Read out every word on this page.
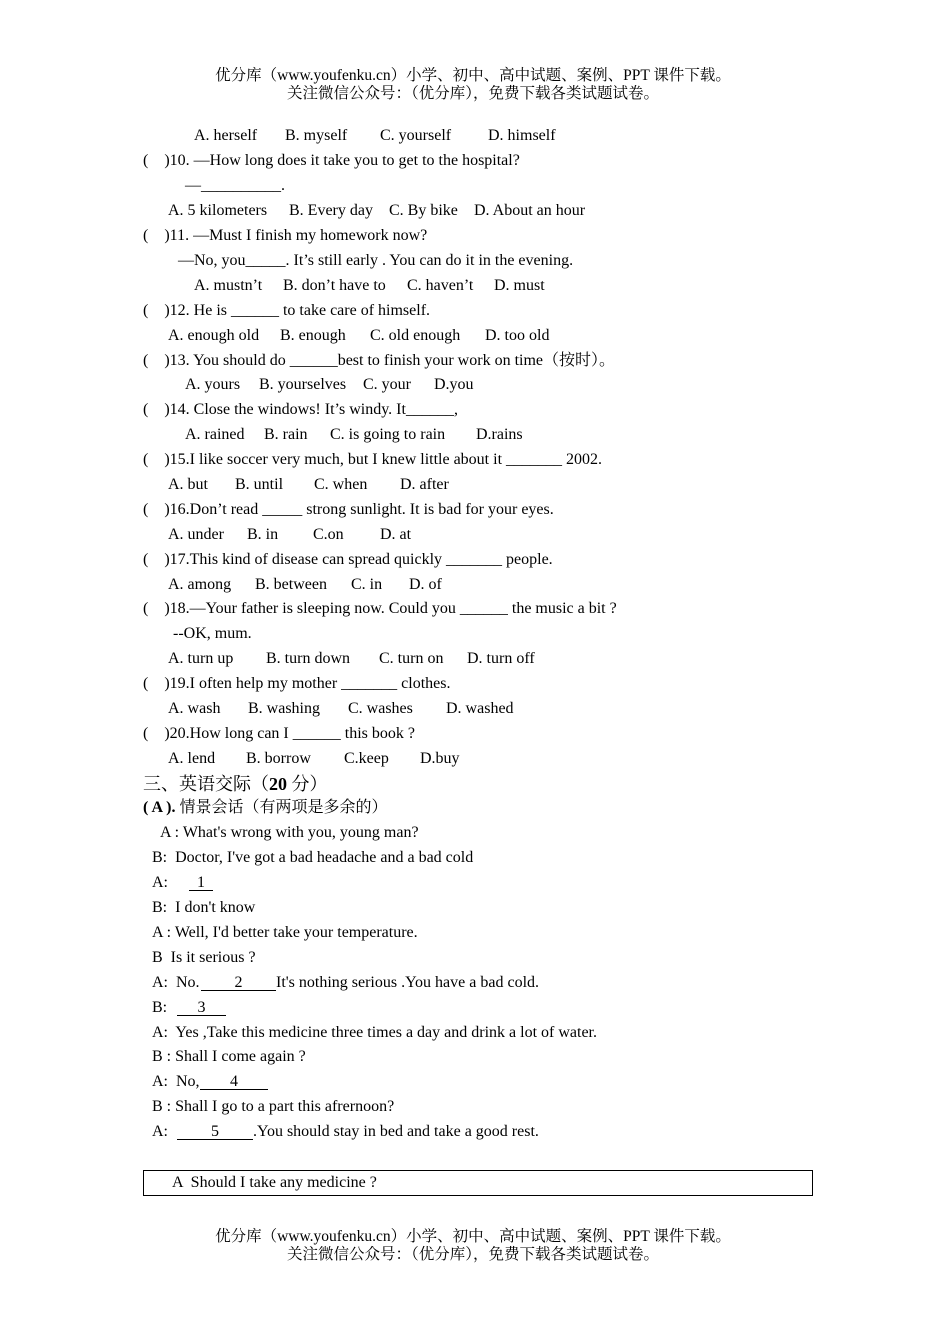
优分库（www.youfenku.cn）小学、初中、高中试题、案例、PPT 课件下载。
关注微信公众号：（优分库），免费下载各类试题试卷。

A. herself

B. myself

C. yourself

D. himself

(    )10. —How long does it take you to get to the hospital?
—__________.

A. 5 kilometers

B. Every day

C. By bike

D. About an hour

(    )11. —Must I finish my homework now?
—No, you_____. It’s still early . You can do it in the evening.

A. mustn’t

B. don’t have to

C. haven’t

D. must

(    )12. He is ______ to take care of himself.

A. enough old

B. enough

C. old enough

D. too old

(    )13. You should do ______best to finish your work on time（按时）。

A. yours

B. yourselves

C. your

D.you

(    )14. Close the windows! It’s windy. It______,

A. rained

B. rain

C. is going to rain

D.rains

(    )15.I like soccer very much, but I knew little about it _______ 2002.

A. but

B. until

C. when

D. after

(    )16.Don’t read _____ strong sunlight. It is bad for your eyes.

A. under

B. in

C.on

D. at

(    )17.This kind of disease can spread quickly _______ people.

A. among

B. between

C. in

D. of

(    )18.—Your father is sleeping now. Could you ______ the music a bit ?
--OK, mum.

A. turn up

B. turn down

C. turn on

D. turn off

(    )19.I often help my mother _______ clothes.

A. wash

B. washing

C. washes

D. washed

(    )20.How long can I ______ this book ?

A. lend

B. borrow

C.keep

D.buy

三、英语交际（20 分）
( A ). 情景会话（有两项是多余的）
A : What's wrong with you, young man?
B:  Doctor, I've got a bad headache and a bad cold

A:

	1

B:  I don't know
A : Well, I'd better take your temperature.
B  Is it serious ?

A:

No.

	2

	It's nothing serious .You have a bad cold.

B:

	3

A:  Yes ,Take this medicine three times a day and drink a lot of water.
B : Shall I come again ?

A:

No,

	4

B : Shall I go to a part this afrernoon?

A:

	5

	.You should stay in bed and take a good rest.

A  Should I take any medicine ?

优分库（www.youfenku.cn）小学、初中、高中试题、案例、PPT 课件下载。
关注微信公众号：（优分库），免费下载各类试题试卷。
